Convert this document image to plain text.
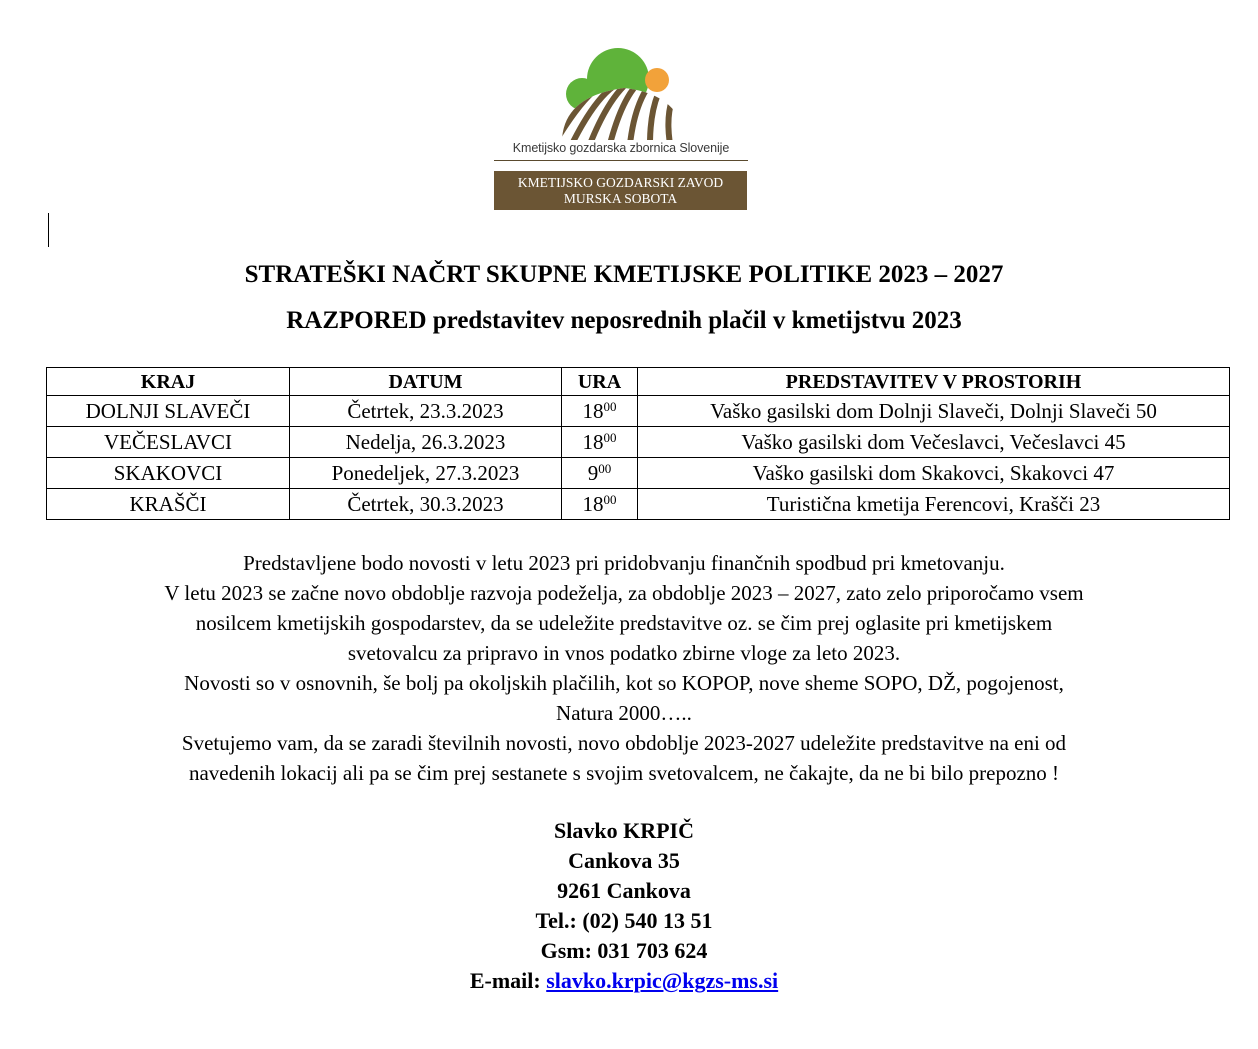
Kmetijsko gozdarska zbornica Slovenije
KMETIJSKO GOZDARSKI ZAVOD
MURSKA SOBOTA
STRATEŠKI NAČRT SKUPNE KMETIJSKE POLITIKE 2023 – 2027
RAZPORED predstavitev neposrednih plačil v kmetijstvu 2023
KRAJ	DATUM	URA	PREDSTAVITEV V PROSTORIH
DOLNJI SLAVEČI	Četrtek, 23.3.2023	$18^{00}$	Vaško gasilski dom Dolnji Slaveči, Dolnji Slaveči 50
VEČESLAVCI	Nedelja, 26.3.2023	$18^{00}$	Vaško gasilski dom Večeslavci, Večeslavci 45
SKAKOVCI	Ponedeljek, 27.3.2023	$9^{00}$	Vaško gasilski dom Skakovci, Skakovci 47
KRAŠČI	Četrtek, 30.3.2023	$18^{00}$	Turistična kmetija Ferencovi, Krašči 23

Predstavljene bodo novosti v letu 2023 pri pridobvanju finančnih spodbud pri kmetovanju.

V letu 2023 se začne novo obdoblje razvoja podeželja, za obdoblje 2023 – 2027, zato zelo priporočamo vsem

nosilcem kmetijskih gospodarstev, da se udeležite predstavitve oz. se čim prej oglasite pri kmetijskem

svetovalcu za pripravo in vnos podatko zbirne vloge za leto 2023.

Novosti so v osnovnih, še bolj pa okoljskih plačilih, kot so KOPOP, nove sheme SOPO, DŽ, pogojenost,

Natura 2000…..

Svetujemo vam, da se zaradi številnih novosti, novo obdoblje 2023-2027 udeležite predstavitve na eni od

navedenih lokacij ali pa se čim prej sestanete s svojim svetovalcem, ne čakajte, da ne bi bilo prepozno !

Slavko KRPIČ
Cankova 35
9261 Cankova
Tel.: (02) 540 13 51
Gsm: 031 703 624
E-mail: slavko.krpic@kgzs-ms.si
